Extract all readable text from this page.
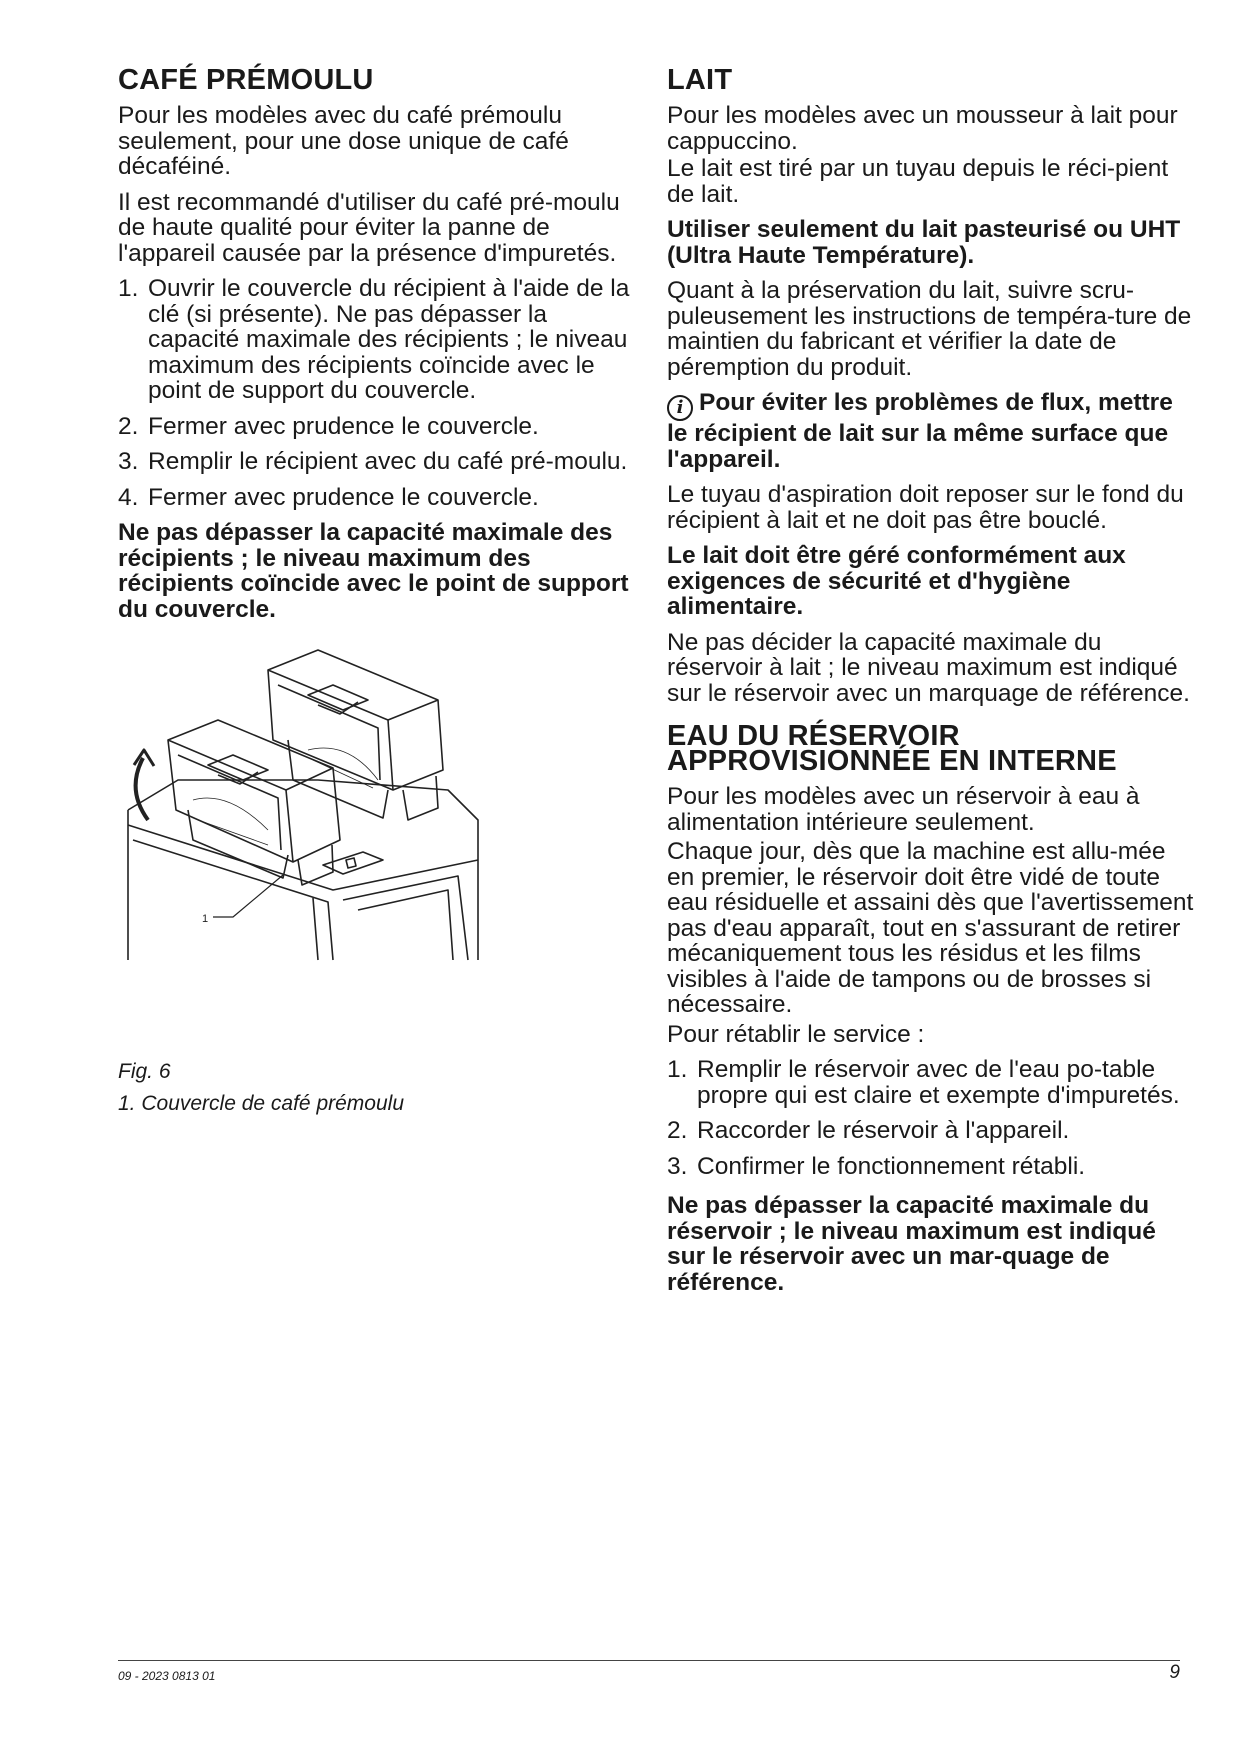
CAFÉ PRÉMOULU

Pour les modèles avec du café prémoulu seulement, pour une dose unique de café décaféiné.

Il est recommandé d'utiliser du café pré-moulu de haute qualité pour éviter la panne de l'appareil causée par la présence d'impuretés.

1. Ouvrir le couvercle du récipient à l'aide de la clé (si présente). Ne pas dépasser la capacité maximale des récipients ; le niveau maximum des récipients coïncide avec le point de support du couvercle.
2. Fermer avec prudence le couvercle.
3. Remplir le récipient avec du café pré-moulu.
4. Fermer avec prudence le couvercle.

Ne pas dépasser la capacité maximale des récipients ; le niveau maximum des récipients coïncide avec le point de support du couvercle.

1

Fig. 6

1. Couvercle de café prémoulu

LAIT

Pour les modèles avec un mousseur à lait pour cappuccino.

Le lait est tiré par un tuyau depuis le réci-pient de lait.

Utiliser seulement du lait pasteurisé ou UHT (Ultra Haute Température).

Quant à la préservation du lait, suivre scru-puleusement les instructions de tempéra-ture de maintien du fabricant et vérifier la date de péremption du produit.

i Pour éviter les problèmes de flux, mettre le récipient de lait sur la même surface que l'appareil.

Le tuyau d'aspiration doit reposer sur le fond du récipient à lait et ne doit pas être bouclé.

Le lait doit être géré conformément aux exigences de sécurité et d'hygiène alimentaire.

Ne pas décider la capacité maximale du réservoir à lait ; le niveau maximum est indiqué sur le réservoir avec un marquage de référence.

EAU DU RÉSERVOIR
APPROVISIONNÉE EN INTERNE

Pour les modèles avec un réservoir à eau à alimentation intérieure seulement.

Chaque jour, dès que la machine est allu-mée en premier, le réservoir doit être vidé de toute eau résiduelle et assaini dès que l'avertissement pas d'eau apparaît, tout en s'assurant de retirer mécaniquement tous les résidus et les films visibles à l'aide de tampons ou de brosses si nécessaire.

Pour rétablir le service :

1. Remplir le réservoir avec de l'eau po-table propre qui est claire et exempte d'impuretés.
2. Raccorder le réservoir à l'appareil.
3. Confirmer le fonctionnement rétabli.

Ne pas dépasser la capacité maximale du réservoir ; le niveau maximum est indiqué sur le réservoir avec un mar-quage de référence.

09 - 2023 0813 01	9
